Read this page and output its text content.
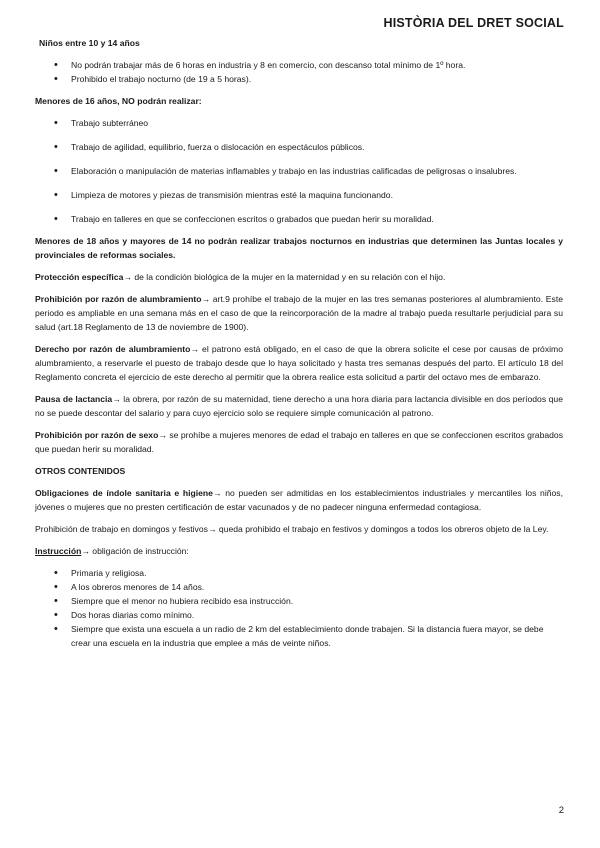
HISTÒRIA DEL DRET SOCIAL

Niños entre 10 y 14 años

• No podrán trabajar más de 6 horas en industria y 8 en comercio, con descanso total mínimo de 1º hora.
• Prohibido el trabajo nocturno (de 19 a 5 horas).

Menores de 16 años, NO podrán realizar:

• Trabajo subterráneo
• Trabajo de agilidad, equilibrio, fuerza o dislocación en espectáculos públicos.
• Elaboración o manipulación de materias inflamables y trabajo en las industrias calificadas de peligrosas o insalubres.
• Limpieza de motores y piezas de transmisión mientras esté la maquina funcionando.
• Trabajo en talleres en que se confeccionen escritos o grabados que puedan herir su moralidad.

Menores de 18 años y mayores de 14 no podrán realizar trabajos nocturnos en industrias que determinen las Juntas locales y provinciales de reformas sociales.

Protección específica→ de la condición biológica de la mujer en la maternidad y en su relación con el hijo.

Prohibición por razón de alumbramiento→ art.9 prohíbe el trabajo de la mujer en las tres semanas posteriores al alumbramiento. Este periodo es ampliable en una semana más en el caso de que la reincorporación de la madre al trabajo pueda resultarle perjudicial para su salud (art.18 Reglamento de 13 de noviembre de 1900).

Derecho por razón de alumbramiento→ el patrono está obligado, en el caso de que la obrera solicite el cese por causas de próximo alumbramiento, a reservarle el puesto de trabajo desde que lo haya solicitado y hasta tres semanas después del parto. El artículo 18 del Reglamento concreta el ejercicio de este derecho al permitir que la obrera realice esta solicitud a partir del octavo mes de embarazo.

Pausa de lactancia→ la obrera, por razón de su maternidad, tiene derecho a una hora diaria para lactancia divisible en dos períodos que no se puede descontar del salario y para cuyo ejercicio solo se requiere simple comunicación al patrono.

Prohibición por razón de sexo→ se prohíbe a mujeres menores de edad el trabajo en talleres en que se confeccionen escritos grabados que puedan herir su moralidad.

OTROS CONTENIDOS

Obligaciones de índole sanitaria e higiene→ no pueden ser admitidas en los establecimientos industriales y mercantiles los niños, jóvenes o mujeres que no presten certificación de estar vacunados y de no padecer ninguna enfermedad contagiosa.

Prohibición de trabajo en domingos y festivos→ queda prohibido el trabajo en festivos y domingos a todos los obreros objeto de la Ley.

Instrucción→ obligación de instrucción:

• Primaria y religiosa.
• A los obreros menores de 14 años.
• Siempre que el menor no hubiera recibido esa instrucción.
• Dos horas diarias como mínimo.
• Siempre que exista una escuela a un radio de 2 km del establecimiento donde trabajen. Si la distancia fuera mayor, se debe crear una escuela en la industria que emplee a más de veinte niños.
2
